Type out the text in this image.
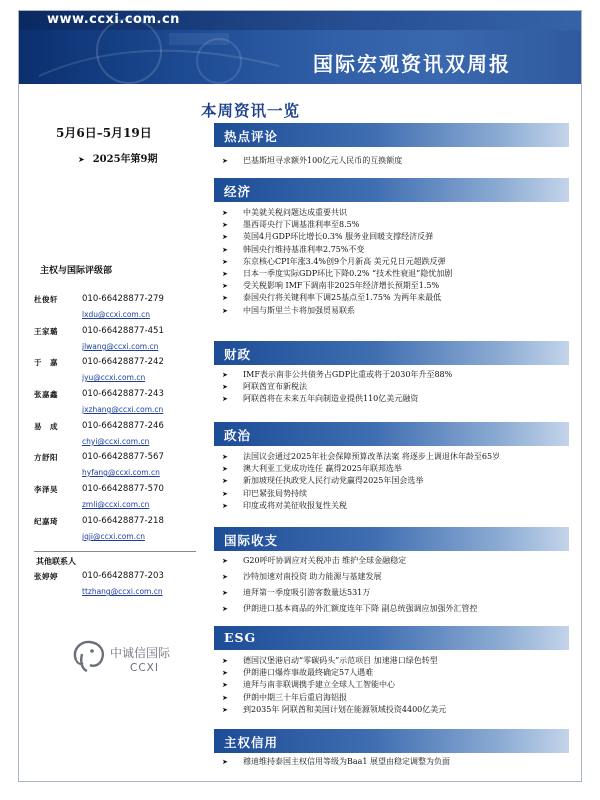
www.ccxi.com.cn
国际宏观资讯双周报
本周资讯一览
5月6日–5月19日
➤ 2025年第9期
主权与国际评级部
杜俊轩	010-66428877-279
lxdu@ccxi.com.cn
王家璐	010-66428877-451
jlwang@ccxi.com.cn
于　嘉	010-66428877-242
jyu@ccxi.com.cn
张嘉鑫	010-66428877-243
jxzhang@ccxi.com.cn
易　成	010-66428877-246
chyi@ccxi.com.cn
方舒阳	010-66428877-567
hyfang@ccxi.com.cn
李泽昊	010-66428877-570
zmli@ccxi.com.cn
纪嘉琦	010-66428877-218
jqji@ccxi.com.cn
其他联系人
张婷婷	010-66428877-203
ttzhang@ccxi.com.cn
中诚信国际
CCXI
热点评论
➤ 巴基斯坦寻求额外100亿元人民币的互换额度
经济
➤ 中美就关税问题达成重要共识
➤ 墨西哥央行下调基准利率至8.5%
➤ 英国4月GDP环比增长0.3% 服务业回暖支撑经济反弹
➤ 韩国央行维持基准利率2.75%不变
➤ 东京核心CPI年涨3.4%创9个月新高 美元兑日元超跌反弹
➤ 日本一季度实际GDP环比下降0.2% “技术性衰退”隐忧加剧
➤ 受关税影响 IMF下调南非2025年经济增长预期至1.5%
➤ 泰国央行将关键利率下调25基点至1.75% 为两年来最低
➤ 中国与斯里兰卡将加强贸易联系
财政
➤ IMF表示南非公共债务占GDP比重或将于2030年升至88%
➤ 阿联酋宣布新税法
➤ 阿联酋将在未来五年向制造业提供110亿美元融资
政治
➤ 法国议会通过2025年社会保障预算改革法案 将逐步上调退休年龄至65岁
➤ 澳大利亚工党成功连任 赢得2025年联邦选举
➤ 新加坡现任执政党人民行动党赢得2025年国会选举
➤ 印巴紧张局势持续
➤ 印度或将对美征收报复性关税
国际收支
➤ G20呼吁协调应对关税冲击 维护全球金融稳定
➤ 沙特加速对南投资 助力能源与基建发展
➤ 迪拜第一季度吸引游客数量达531万
➤ 伊朗进口基本商品的外汇额度连年下降 副总统强调应加强外汇管控
ESG
➤ 德国汉堡港启动“零碳码头”示范项目 加速港口绿色转型
➤ 伊朗港口爆炸事故最终确定57人遇难
➤ 迪拜与南非联调携手建立全球人工智能中心
➤ 伊朗中期三十年后重启海铝报
➤ 到2035年 阿联酋和美国计划在能源领域投资4400亿美元
主权信用
➤ 穆迪维持泰国主权信用等级为Baa1 展望由稳定调整为负面
